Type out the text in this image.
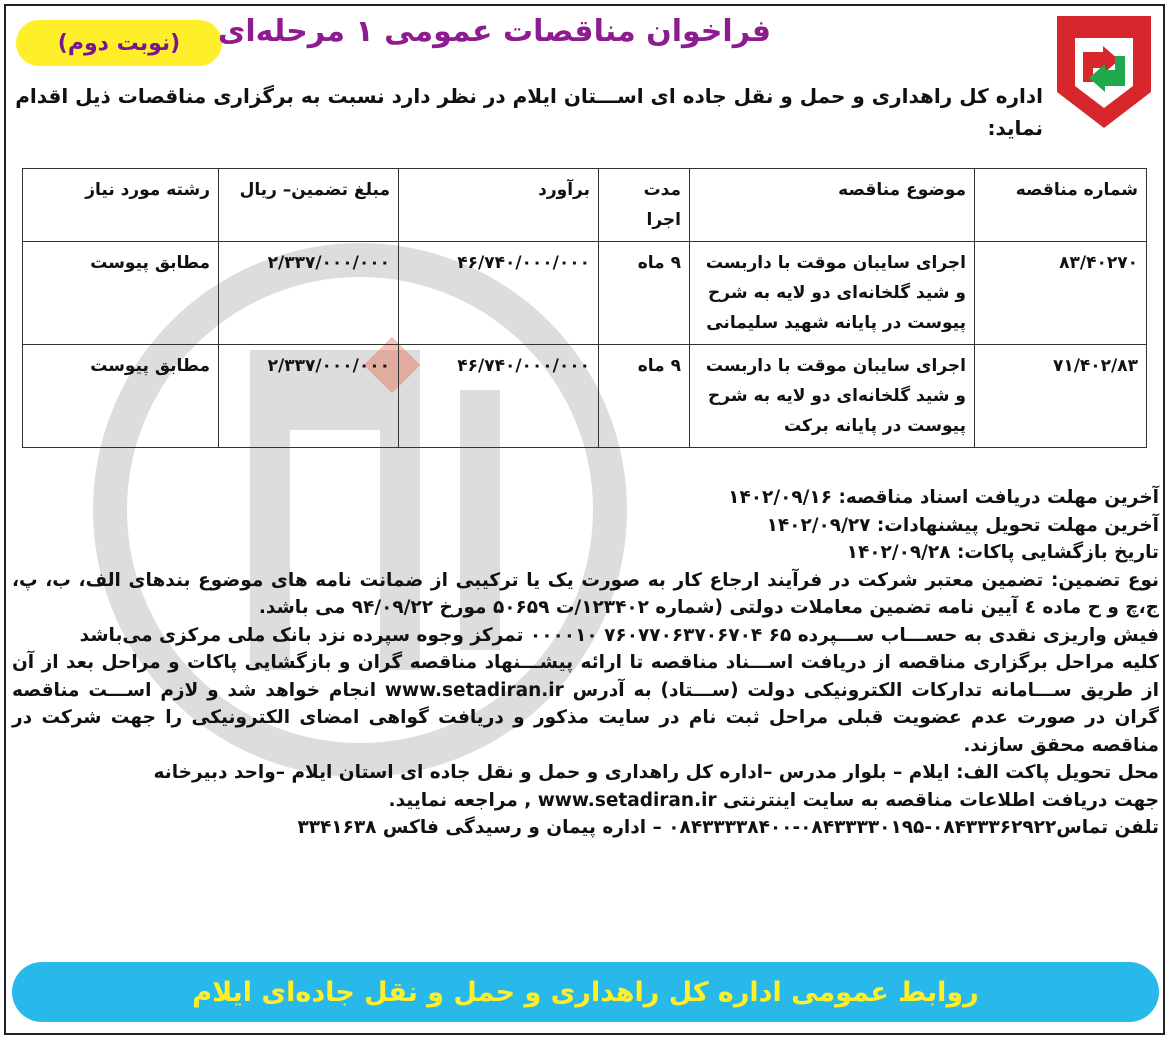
(نوبت دوم)	فراخوان مناقصات عمومی ۱ مرحله‌ای
اداره کل راهداری و حمل و نقل جاده ای اســـتان ایلام در نظر دارد نسبت به برگزاری مناقصات ذیل اقدام نماید:
شماره مناقصه	موضوع مناقصه	مدت اجرا	برآورد	مبلغ تضمین– ریال	رشته مورد نیاز
۸۳/۴۰۲۷۰	اجرای سایبان موقت با داربست و شید گلخانه‌ای دو لایه به شرح پیوست در پایانه شهید سلیمانی	۹ ماه	۴۶/۷۴۰/۰۰۰/۰۰۰	۲/۳۳۷/۰۰۰/۰۰۰	مطابق پیوست
۷۱/۴۰۲/۸۳	اجرای سایبان موقت با داربست و شید گلخانه‌ای دو لایه به شرح پیوست در پایانه برکت	۹ ماه	۴۶/۷۴۰/۰۰۰/۰۰۰	۲/۳۳۷/۰۰۰/۰۰۰	مطابق پیوست

آخرین مهلت دریافت اسناد مناقصه: ۱۴۰۲/۰۹/۱۶

آخرین مهلت تحویل پیشنهادات: ۱۴۰۲/۰۹/۲۷

تاریخ بازگشایی پاکات: ۱۴۰۲/۰۹/۲۸

نوع تضمین: تضمین معتبر شرکت در فرآیند ارجاع کار به صورت یک یا ترکیبی از ضمانت نامه های موضوع بندهای الف، ب، پ، ج،چ و ح ماده ٤ آیین نامه تضمین معاملات دولتی (شماره ۱۲۳۴۰۲/ت ۵۰۶۵۹ مورخ ۹۴/۰۹/۲۲ می باشد.

فیش واریزی نقدی به حســـاب ســـپرده ۶۵ ۷۶۰۷۷۰۶۳۷۰۶۷۰۴ ۰۰۰۰۱۰ تمرکز وجوه سپرده نزد بانک ملی مرکزی می‌باشد

کلیه مراحل برگزاری مناقصه از دریافت اســـناد مناقصه تا ارائه پیشـــنهاد مناقصه گران و بازگشایی پاکات و مراحل بعد از آن از طریق ســـامانه تدارکات الکترونیکی دولت (ســـتاد) به آدرس www.setadiran.ir انجام خواهد شد و لازم اســـت مناقصه گران در صورت عدم عضویت قبلی مراحل ثبت نام در سایت مذکور و دریافت گواهی امضای الکترونیکی را جهت شرکت در مناقصه محقق سازند.

محل تحویل پاکت الف: ایلام – بلوار مدرس –اداره کل راهداری و حمل و نقل جاده ای استان ایلام –واحد دبیرخانه

جهت دریافت اطلاعات مناقصه به سایت اینترنتی www.setadiran.ir , مراجعه نمایید.

تلفن تماس۰۸۴۳۳۳۶۲۹۲۲-۰۸۴۳۳۳۳۰۱۹۵-۰۸۴۳۳۳۳۸۴۰۰ – اداره پیمان و رسیدگی فاکس ۳۳۴۱۶۳۸

روابط عمومی اداره کل راهداری و حمل و نقل جاده‌ای ایلام
